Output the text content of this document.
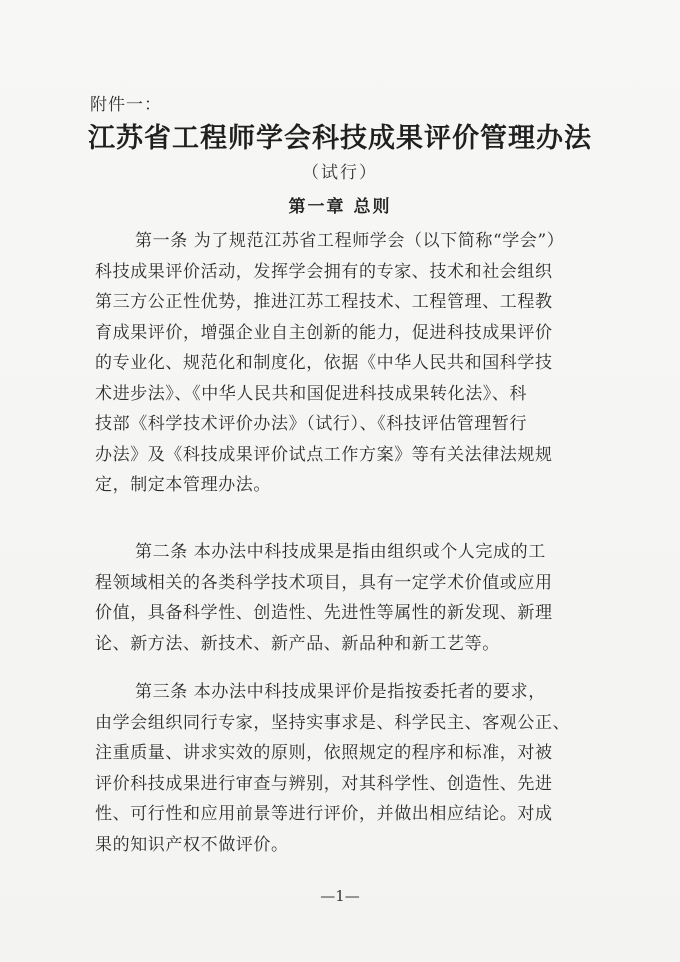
附件一：
江苏省工程师学会科技成果评价管理办法
（试行）
第一章 总则

第一条 为了规范江苏省工程师学会（以下简称“学会”）

科技成果评价活动，发挥学会拥有的专家、技术和社会组织

第三方公正性优势，推进江苏工程技术、工程管理、工程教

育成果评价，增强企业自主创新的能力，促进科技成果评价

的专业化、规范化和制度化，依据《中华人民共和国科学技

术进步法》、《中华人民共和国促进科技成果转化法》、科

技部《科学技术评价办法》（试行）、《科技评估管理暂行

办法》及《科技成果评价试点工作方案》等有关法律法规规

定，制定本管理办法。

第二条 本办法中科技成果是指由组织或个人完成的工

程领域相关的各类科学技术项目，具有一定学术价值或应用

价值，具备科学性、创造性、先进性等属性的新发现、新理

论、新方法、新技术、新产品、新品种和新工艺等。

第三条 本办法中科技成果评价是指按委托者的要求，

由学会组织同行专家，坚持实事求是、科学民主、客观公正、

注重质量、讲求实效的原则，依照规定的程序和标准，对被

评价科技成果进行审查与辨别，对其科学性、创造性、先进

性、可行性和应用前景等进行评价，并做出相应结论。对成

果的知识产权不做评价。

—1—
